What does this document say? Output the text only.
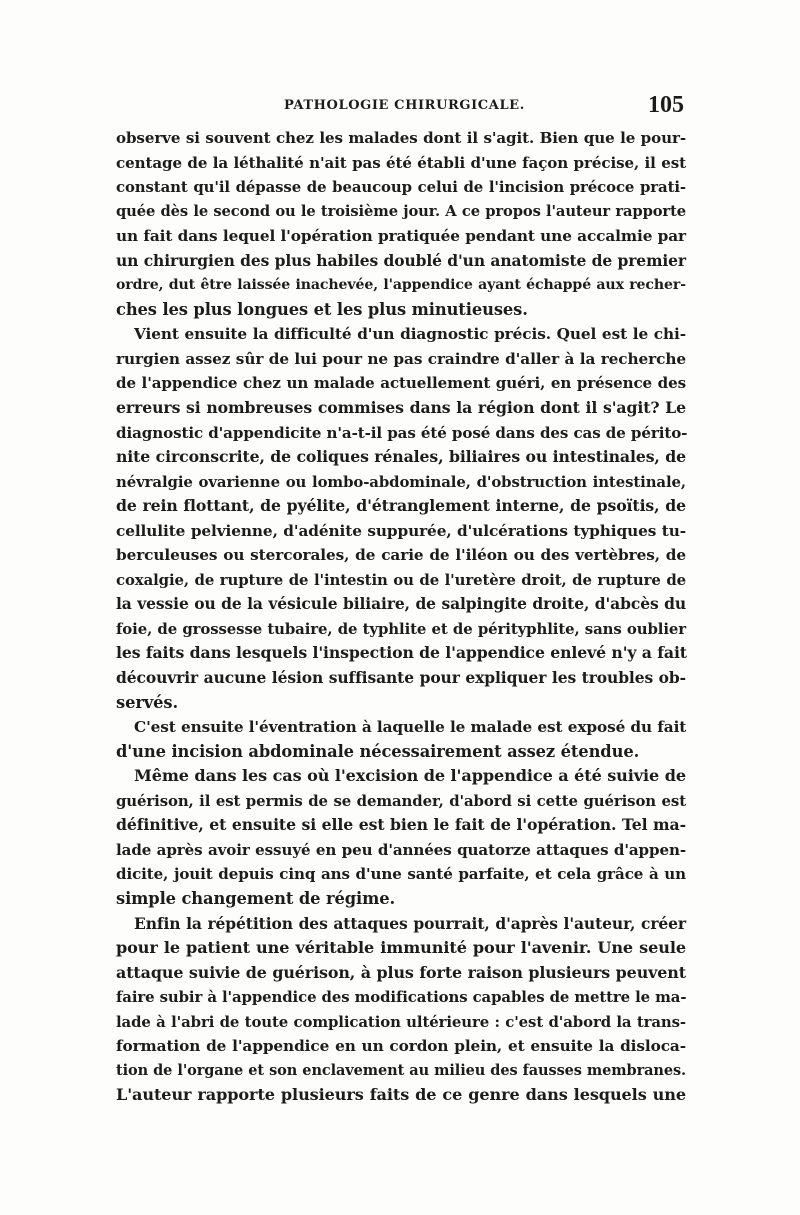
PATHOLOGIE CHIRURGICALE.	105
observe si souvent chez les malades dont il s'agit. Bien que le pour-
centage de la léthalité n'ait pas été établi d'une façon précise, il est
constant qu'il dépasse de beaucoup celui de l'incision précoce prati-
quée dès le second ou le troisième jour. A ce propos l'auteur rapporte
un fait dans lequel l'opération pratiquée pendant une accalmie par
un chirurgien des plus habiles doublé d'un anatomiste de premier
ordre, dut être laissée inachevée, l'appendice ayant échappé aux recher-
ches les plus longues et les plus minutieuses.
Vient ensuite la difficulté d'un diagnostic précis. Quel est le chi-
rurgien assez sûr de lui pour ne pas craindre d'aller à la recherche
de l'appendice chez un malade actuellement guéri, en présence des
erreurs si nombreuses commises dans la région dont il s'agit? Le
diagnostic d'appendicite n'a-t-il pas été posé dans des cas de périto-
nite circonscrite, de coliques rénales, biliaires ou intestinales, de
névralgie ovarienne ou lombo-abdominale, d'obstruction intestinale,
de rein flottant, de pyélite, d'étranglement interne, de psoïtis, de
cellulite pelvienne, d'adénite suppurée, d'ulcérations typhiques tu-
berculeuses ou stercorales, de carie de l'iléon ou des vertèbres, de
coxalgie, de rupture de l'intestin ou de l'uretère droit, de rupture de
la vessie ou de la vésicule biliaire, de salpingite droite, d'abcès du
foie, de grossesse tubaire, de typhlite et de pérityphlite, sans oublier
les faits dans lesquels l'inspection de l'appendice enlevé n'y a fait
découvrir aucune lésion suffisante pour expliquer les troubles ob-
servés.
C'est ensuite l'éventration à laquelle le malade est exposé du fait
d'une incision abdominale nécessairement assez étendue.
Même dans les cas où l'excision de l'appendice a été suivie de
guérison, il est permis de se demander, d'abord si cette guérison est
définitive, et ensuite si elle est bien le fait de l'opération. Tel ma-
lade après avoir essuyé en peu d'années quatorze attaques d'appen-
dicite, jouit depuis cinq ans d'une santé parfaite, et cela grâce à un
simple changement de régime.
Enfin la répétition des attaques pourrait, d'après l'auteur, créer
pour le patient une véritable immunité pour l'avenir. Une seule
attaque suivie de guérison, à plus forte raison plusieurs peuvent
faire subir à l'appendice des modifications capables de mettre le ma-
lade à l'abri de toute complication ultérieure : c'est d'abord la trans-
formation de l'appendice en un cordon plein, et ensuite la disloca-
tion de l'organe et son enclavement au milieu des fausses membranes.
L'auteur rapporte plusieurs faits de ce genre dans lesquels une
